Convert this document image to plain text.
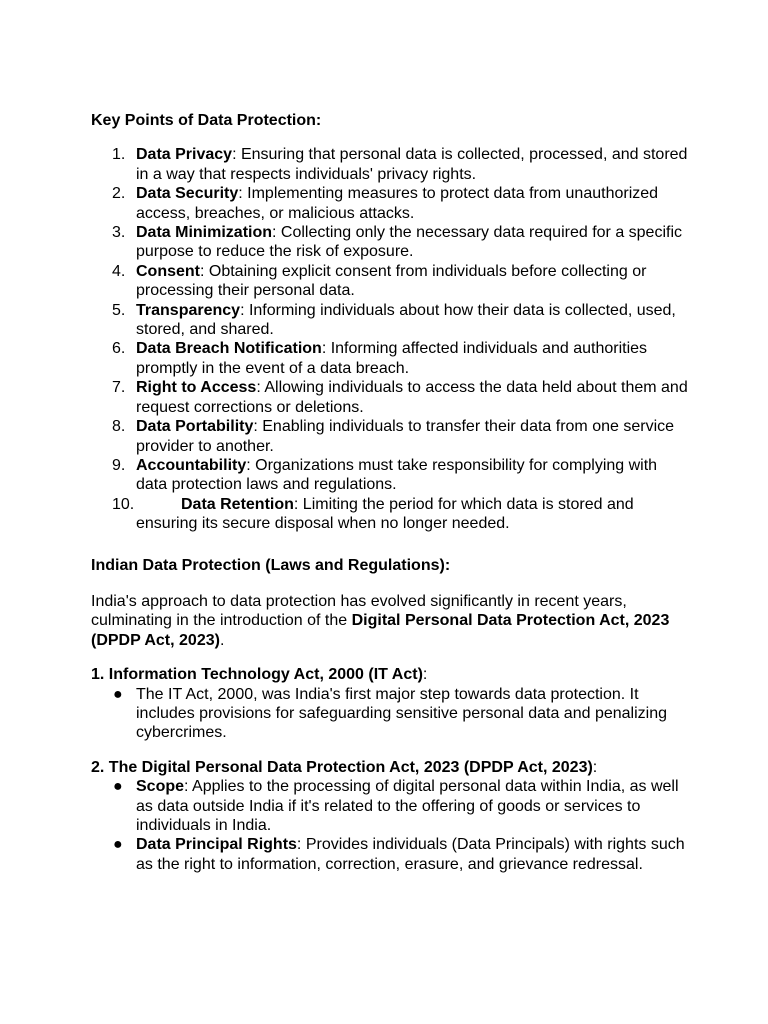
Key Points of Data Protection:

1. Data Privacy: Ensuring that personal data is collected, processed, and stored in a way that respects individuals' privacy rights.
2. Data Security: Implementing measures to protect data from unauthorized access, breaches, or malicious attacks.
3. Data Minimization: Collecting only the necessary data required for a specific purpose to reduce the risk of exposure.
4. Consent: Obtaining explicit consent from individuals before collecting or processing their personal data.
5. Transparency: Informing individuals about how their data is collected, used, stored, and shared.
6. Data Breach Notification: Informing affected individuals and authorities promptly in the event of a data breach.
7. Right to Access: Allowing individuals to access the data held about them and request corrections or deletions.
8. Data Portability: Enabling individuals to transfer their data from one service provider to another.
9. Accountability: Organizations must take responsibility for complying with data protection laws and regulations.
10.	Data Retention: Limiting the period for which data is stored and ensuring its secure disposal when no longer needed.

Indian Data Protection (Laws and Regulations):

India's approach to data protection has evolved significantly in recent years, culminating in the introduction of the Digital Personal Data Protection Act, 2023 (DPDP Act, 2023).

1. Information Technology Act, 2000 (IT Act):

● The IT Act, 2000, was India's first major step towards data protection. It includes provisions for safeguarding sensitive personal data and penalizing cybercrimes.

2. The Digital Personal Data Protection Act, 2023 (DPDP Act, 2023):

● Scope: Applies to the processing of digital personal data within India, as well as data outside India if it's related to the offering of goods or services to individuals in India.
● Data Principal Rights: Provides individuals (Data Principals) with rights such as the right to information, correction, erasure, and grievance redressal.
